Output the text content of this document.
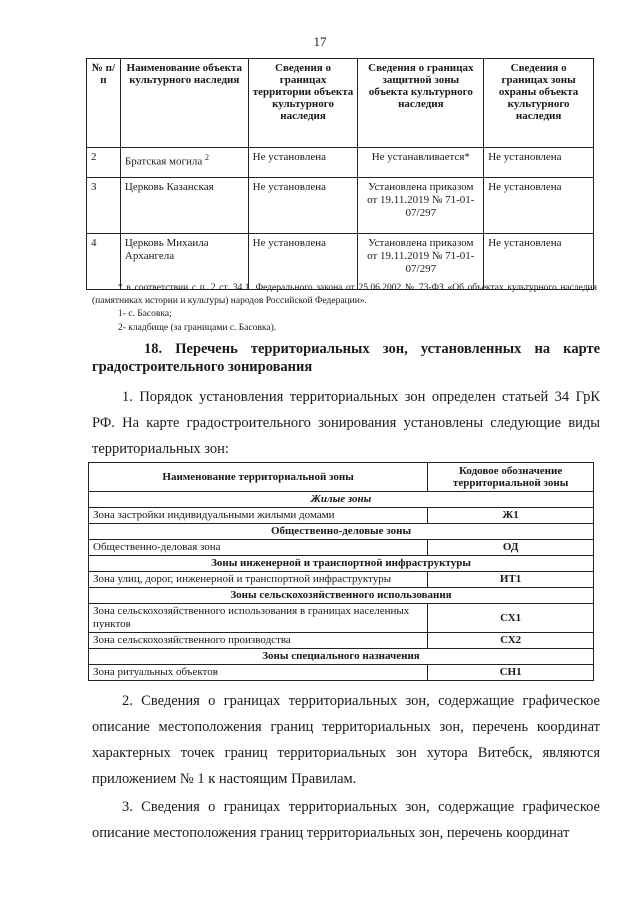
17
№ п/п	Наименование объекта культурного наследия	Сведения о границах территории объекта культурного наследия	Сведения о границах защитной зоны объекта культурного наследия	Сведения о границах зоны охраны объекта культурного наследия
2	Братская могила $^2$	Не установлена	Не устанавливается*	Не установлена
3	Церковь Казанская	Не установлена	Установлена приказом от 19.11.2019 № 71-01-07/297	Не установлена
4	Церковь Михаила Архангела	Не установлена	Установлена приказом от 19.11.2019 № 71-01-07/297	Не установлена
* в соответствии с п. 2 ст. 34.1. Федерального закона от 25.06.2002 № 73-ФЗ «Об объектах культурного наследия (памятниках истории и культуры) народов Российской Федерации».
1- с. Басовка;
2- кладбище (за границами с. Басовка).
18. Перечень территориальных зон, установленных на карте градостроительного зонирования
1. Порядок установления территориальных зон определен статьей 34 ГрК РФ. На карте градостроительного зонирования установлены следующие виды территориальных зон:
Наименование территориальной зоны	Кодовое обозначение территориальной зоны
Жилые зоны	
Зона застройки индивидуальными жилыми домами	Ж1
Общественно-деловые зоны	
Общественно-деловая зона	ОД
Зоны инженерной и транспортной инфраструктуры	
Зона улиц, дорог, инженерной и транспортной инфраструктуры	ИТ1
Зоны сельскохозяйственного использования	
Зона сельскохозяйственного использования в границах населенных пунктов	СХ1
Зона сельскохозяйственного производства	СХ2
Зоны специального назначения	
Зона ритуальных объектов	СН1
2. Сведения о границах территориальных зон, содержащие графическое описание местоположения границ территориальных зон, перечень координат характерных точек границ территориальных зон хутора Витебск, являются приложением № 1 к настоящим Правилам.
3. Сведения о границах территориальных зон, содержащие графическое описание местоположения границ территориальных зон, перечень координат
